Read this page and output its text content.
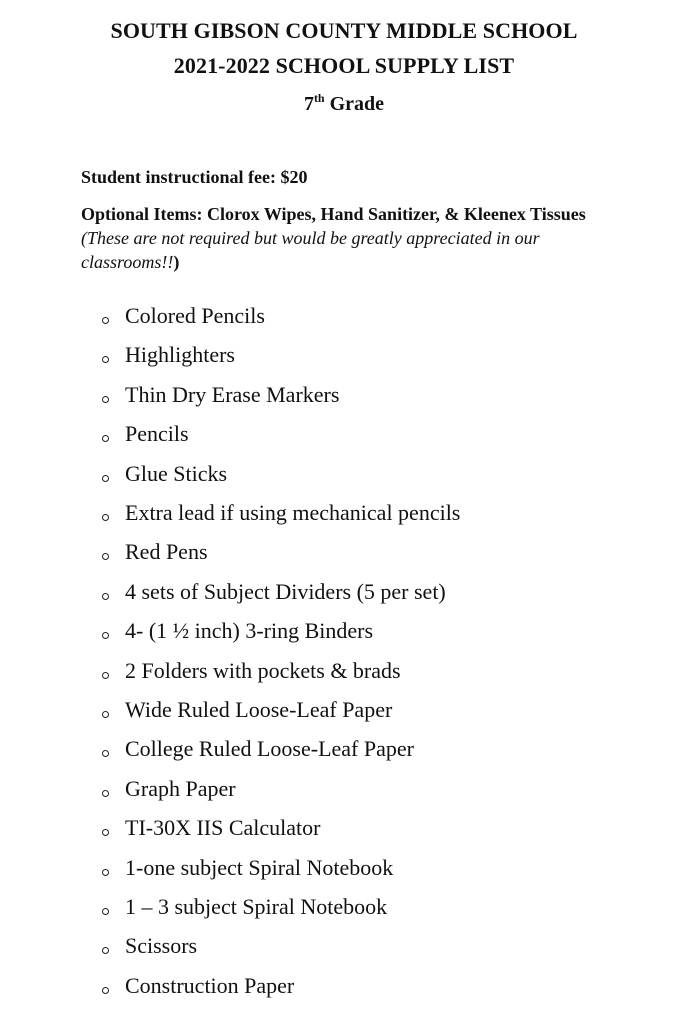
SOUTH GIBSON COUNTY MIDDLE SCHOOL
2021-2022 SCHOOL SUPPLY LIST
7th Grade
Student instructional fee: $20
Optional Items: Clorox Wipes, Hand Sanitizer, & Kleenex Tissues (These are not required but would be greatly appreciated in our classrooms!!)
Colored Pencils
Highlighters
Thin Dry Erase Markers
Pencils
Glue Sticks
Extra lead if using mechanical pencils
Red Pens
4 sets of Subject Dividers (5 per set)
4- (1 ½ inch) 3-ring Binders
2 Folders with pockets & brads
Wide Ruled Loose-Leaf Paper
College Ruled Loose-Leaf Paper
Graph Paper
TI-30X IIS Calculator
1-one subject Spiral Notebook
1 – 3 subject Spiral Notebook
Scissors
Construction Paper
